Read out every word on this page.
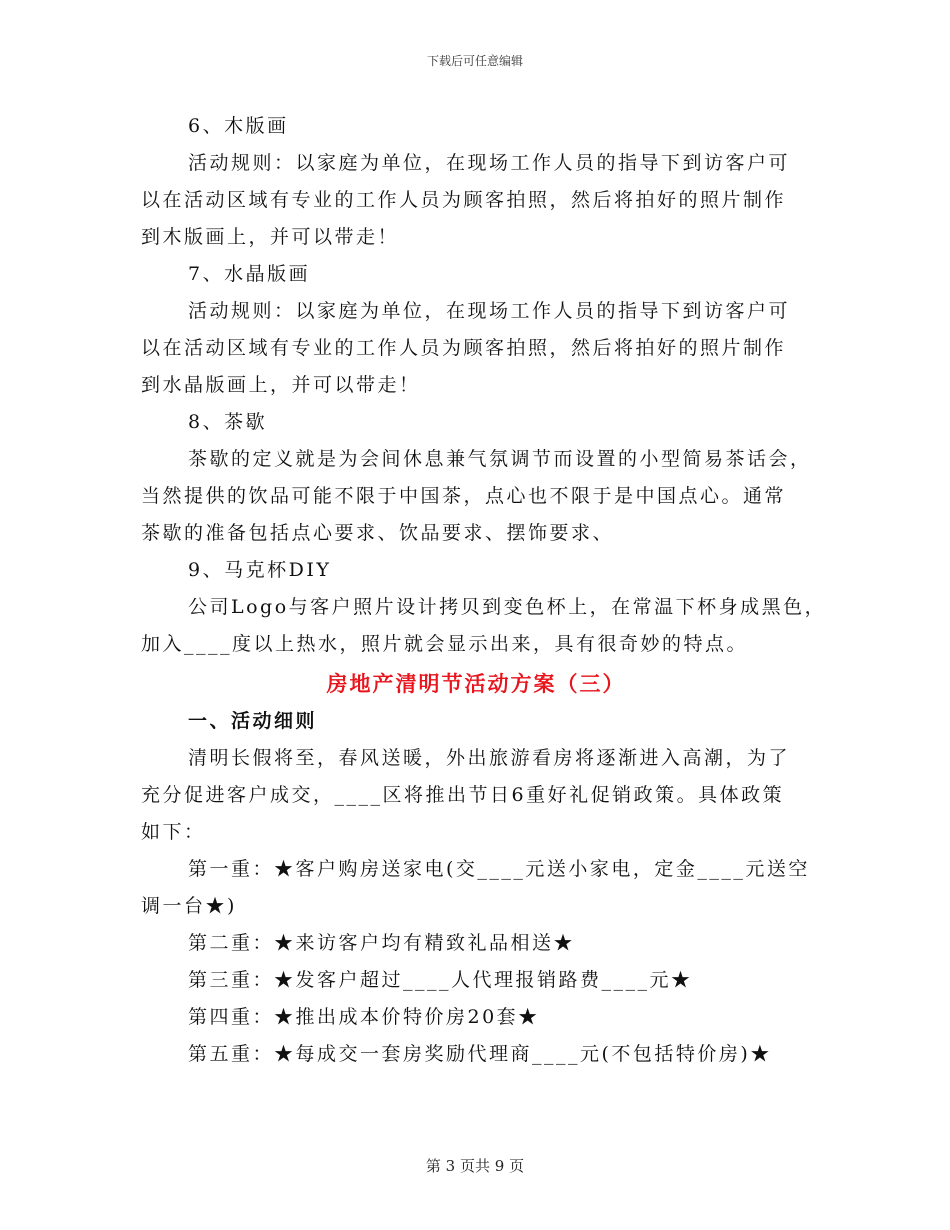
下载后可任意编辑
6、木版画
活动规则：以家庭为单位，在现场工作人员的指导下到访客户可
以在活动区域有专业的工作人员为顾客拍照，然后将拍好的照片制作
到木版画上，并可以带走！
7、水晶版画
活动规则：以家庭为单位，在现场工作人员的指导下到访客户可
以在活动区域有专业的工作人员为顾客拍照，然后将拍好的照片制作
到水晶版画上，并可以带走！
8、茶歇
茶歇的定义就是为会间休息兼气氛调节而设置的小型简易茶话会，
当然提供的饮品可能不限于中国茶，点心也不限于是中国点心。通常
茶歇的准备包括点心要求、饮品要求、摆饰要求、
9、马克杯DIY
公司Logo与客户照片设计拷贝到变色杯上，在常温下杯身成黑色，
加入____度以上热水，照片就会显示出来，具有很奇妙的特点。
房地产清明节活动方案（三）
一、活动细则
清明长假将至，春风送暖，外出旅游看房将逐渐进入高潮，为了
充分促进客户成交，____区将推出节日6重好礼促销政策。具体政策
如下：
第一重：★客户购房送家电(交____元送小家电，定金____元送空
调一台★)
第二重：★来访客户均有精致礼品相送★
第三重：★发客户超过____人代理报销路费____元★
第四重：★推出成本价特价房20套★
第五重：★每成交一套房奖励代理商____元(不包括特价房)★
第 3 页共 9 页
